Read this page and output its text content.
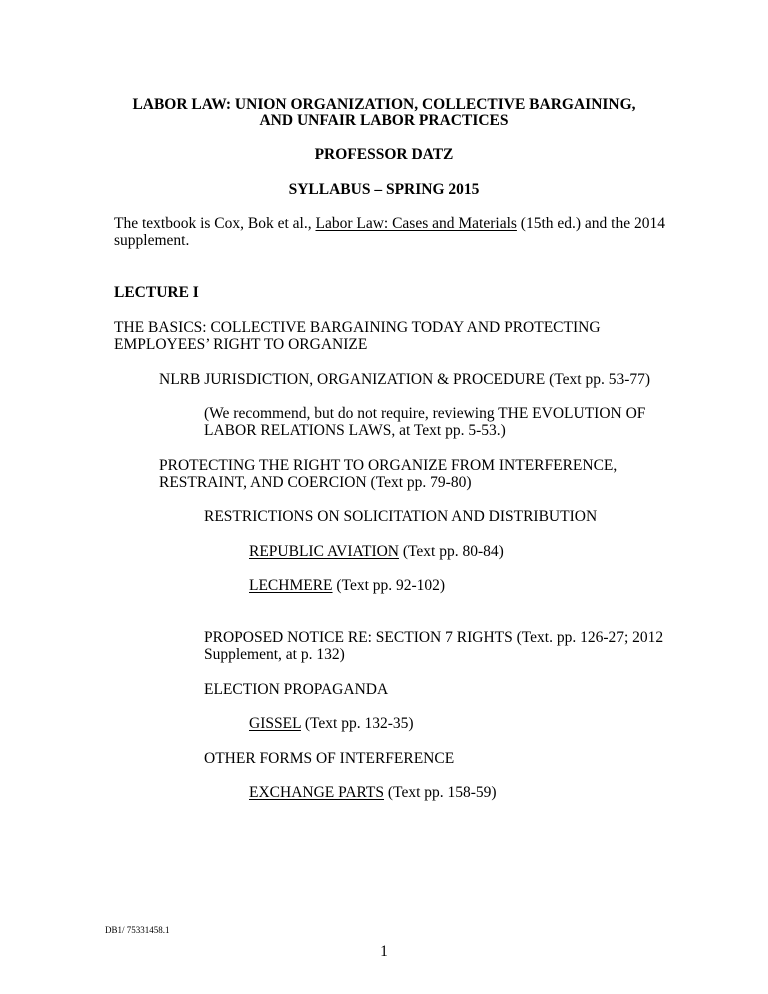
LABOR LAW: UNION ORGANIZATION, COLLECTIVE BARGAINING,
AND UNFAIR LABOR PRACTICES
PROFESSOR DATZ
SYLLABUS – SPRING 2015
The textbook is Cox, Bok et al., Labor Law: Cases and Materials (15th ed.) and the 2014
supplement.
LECTURE I
THE BASICS: COLLECTIVE BARGAINING TODAY AND PROTECTING
EMPLOYEES’ RIGHT TO ORGANIZE
NLRB JURISDICTION, ORGANIZATION & PROCEDURE (Text pp. 53-77)
(We recommend, but do not require, reviewing THE EVOLUTION OF
LABOR RELATIONS LAWS, at Text pp. 5-53.)
PROTECTING THE RIGHT TO ORGANIZE FROM INTERFERENCE,
RESTRAINT, AND COERCION (Text pp. 79-80)
RESTRICTIONS ON SOLICITATION AND DISTRIBUTION
REPUBLIC AVIATION (Text pp. 80-84)
LECHMERE (Text pp. 92-102)
PROPOSED NOTICE RE: SECTION 7 RIGHTS (Text. pp. 126-27; 2012
Supplement, at p. 132)
ELECTION PROPAGANDA
GISSEL (Text pp. 132-35)
OTHER FORMS OF INTERFERENCE
EXCHANGE PARTS (Text pp. 158-59)
DB1/ 75331458.1
1
